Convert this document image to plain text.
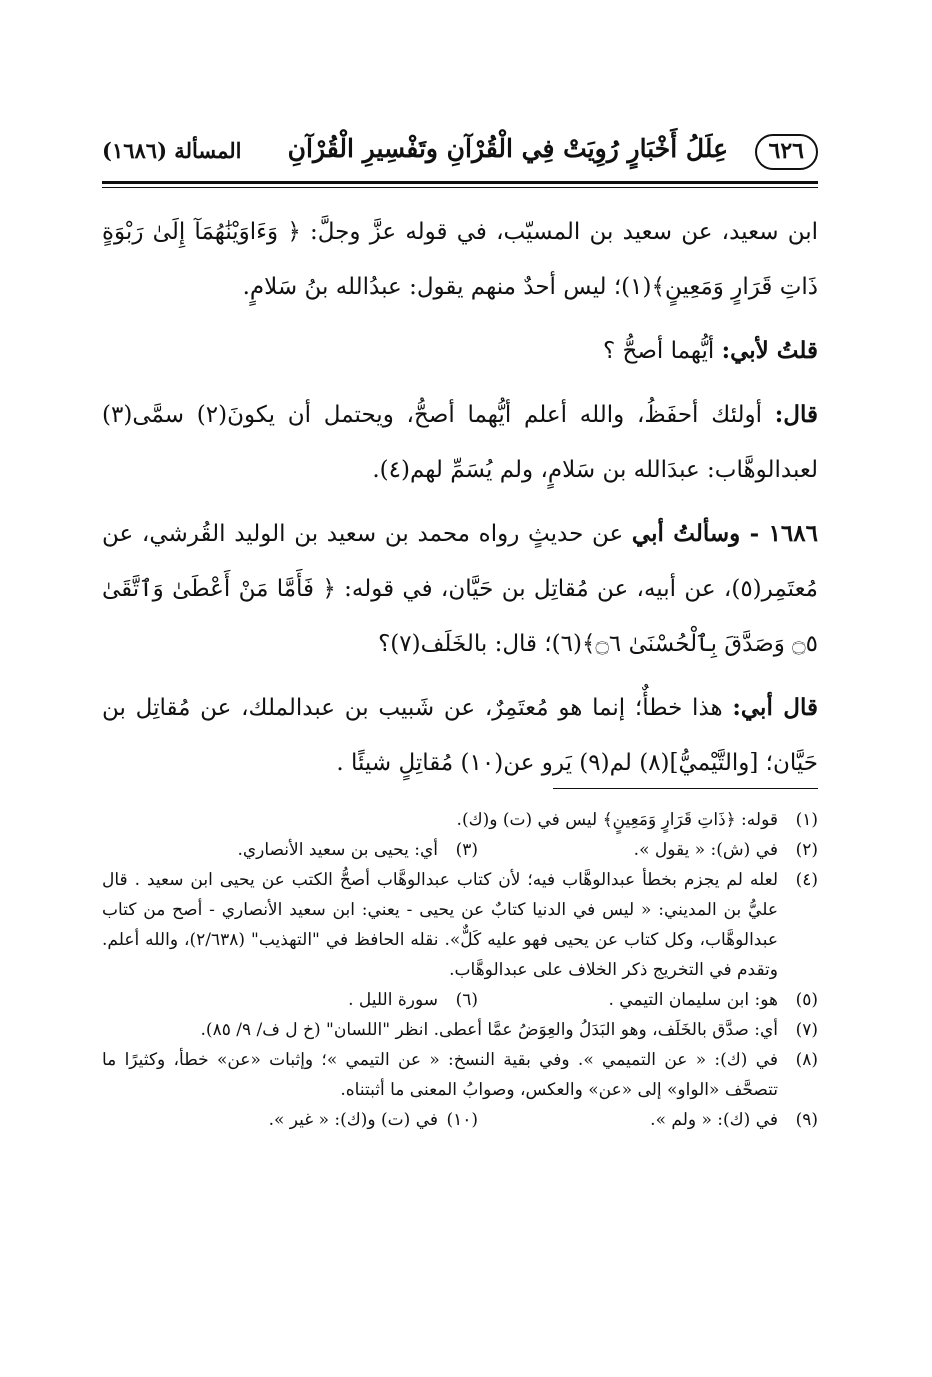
٦٢٦
عِلَلُ أَخْبَارٍ رُوِيَتْ فِي الْقُرْآنِ وتَفْسِيرِ الْقُرْآنِ
المسألة (١٦٨٦)

ابن سعيد، عن سعيد بن المسيّب، في قوله عزَّ وجلَّ: ﴿ وَءَاوَيْنَٰهُمَآ إِلَىٰ رَبْوَةٍ ذَاتِ قَرَارٍ وَمَعِينٍ﴾(١)؛ ليس أحدٌ منهم يقول: عبدُالله بنُ سَلامٍ.

قلتُ لأبي: أيُّهما أصحُّ ؟

قال: أولئك أحفَظُ، والله أعلم أيُّهما أصحُّ، ويحتمل أن يكونَ(٢) سمَّى(٣) لعبدالوهَّاب: عبدَالله بن سَلامٍ، ولم يُسَمِّ لهم(٤).

١٦٨٦ - وسألتُ أبي عن حديثٍ رواه محمد بن سعيد بن الوليد القُرشي، عن مُعتَمِر(٥)، عن أبيه، عن مُقاتِل بن حَيَّان، في قوله: ﴿ فَأَمَّا مَنْ أَعْطَىٰ وَٱتَّقَىٰ ۝٥ وَصَدَّقَ بِٱلْحُسْنَىٰ ۝٦﴾(٦)؛ قال: بالخَلَف(٧)؟

قال أبي: هذا خطأٌ؛ إنما هو مُعتَمِرٌ، عن شَبيب بن عبدالملك، عن مُقاتِل بن حَيَّان؛ [والتَّيْميُّ](٨) لم(٩) يَرو عن(١٠) مُقاتِلٍ شيئًا .

(١)
قوله: ﴿ذَاتِ قَرَارٍ وَمَعِينٍ﴾ ليس في (ت) و(ك).
(٢)
في (ش): « يقول ».
(٣)
أي: يحيى بن سعيد الأنصاري.
(٤)
لعله لم يجزم بخطأ عبدالوهَّاب فيه؛ لأن كتاب عبدالوهَّاب أصحُّ الكتب عن يحيى ابن سعيد . قال عليُّ بن المديني: « ليس في الدنيا كتابٌ عن يحيى - يعني: ابن سعيد الأنصاري - أصح من كتاب عبدالوهَّاب، وكل كتاب عن يحيى فهو عليه كَلٌّ». نقله الحافظ في "التهذيب" (٢/٦٣٨)، والله أعلم. وتقدم في التخريج ذكر الخلاف على عبدالوهَّاب.
(٥)
هو: ابن سليمان التيمي .
(٦)
سورة الليل .
(٧)
أي: صدَّق بالخَلَف، وهو البَدَلُ والعِوَضُ عمَّا أعطى. انظر "اللسان" (خ ل ف/ ٩/ ٨٥).
(٨)
في (ك): « عن التميمي ». وفي بقية النسخ: « عن التيمي »؛ وإثبات «عن» خطأ، وكثيرًا ما تتصحَّف «الواو» إلى «عن» والعكس، وصوابُ المعنى ما أثبتناه.
(٩)
في (ك): « ولم ».
(١٠)
في (ت) و(ك): « غير ».
